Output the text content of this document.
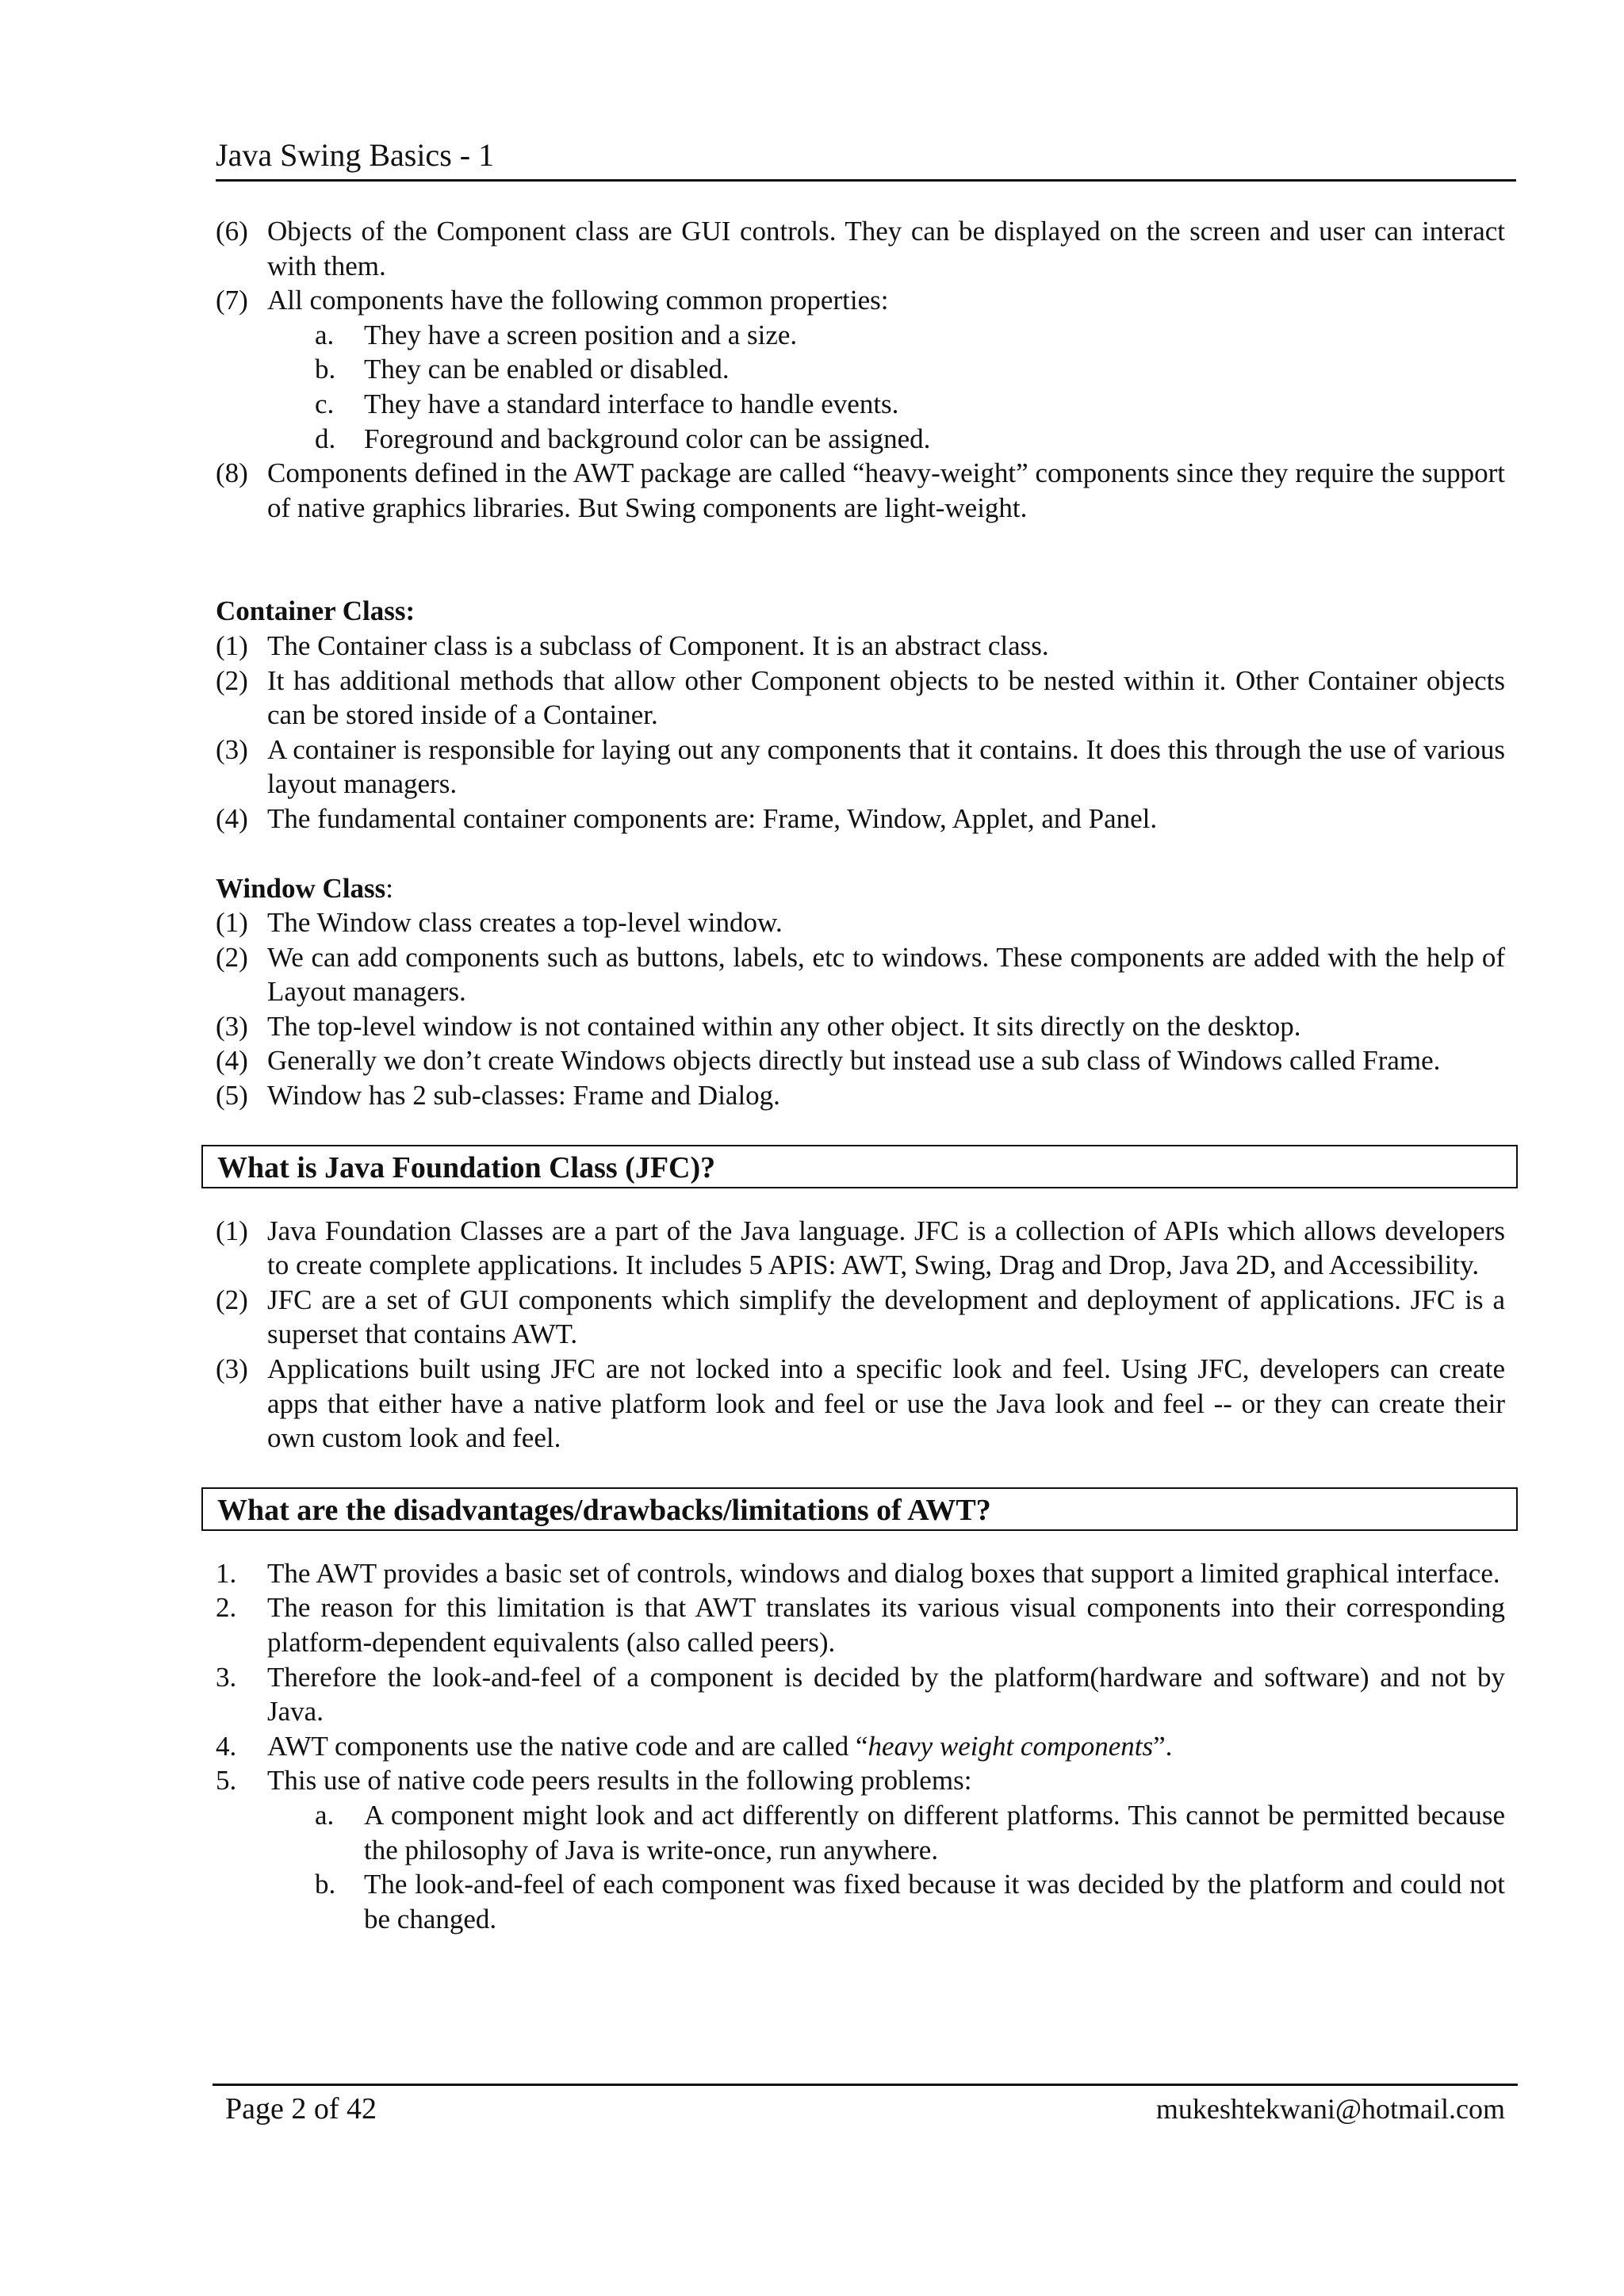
Java Swing Basics - 1
(6) Objects of the Component class are GUI controls. They can be displayed on the screen and user can interact with them.
(7) All components have the following common properties:
a.	They have a screen position and a size.
b.	They can be enabled or disabled.
c.	They have a standard interface to handle events.
d.	Foreground and background color can be assigned.
(8) Components defined in the AWT package are called “heavy-weight” components since they require the support of native graphics libraries. But Swing components are light-weight.
Container Class:
(1) The Container class is a subclass of Component. It is an abstract class.
(2) It has additional methods that allow other Component objects to be nested within it. Other Container objects can be stored inside of a Container.
(3) A container is responsible for laying out any components that it contains. It does this through the use of various layout managers.
(4) The fundamental container components are: Frame, Window, Applet, and Panel.
Window Class:
(1) The Window class creates a top-level window.
(2) We can add components such as buttons, labels, etc to windows. These components are added with the help of Layout managers.
(3) The top-level window is not contained within any other object. It sits directly on the desktop.
(4) Generally we don’t create Windows objects directly but instead use a sub class of Windows called Frame.
(5) Window has 2 sub-classes: Frame and Dialog.
What is Java Foundation Class (JFC)?
(1) Java Foundation Classes are a part of the Java language. JFC is a collection of APIs which allows developers to create complete applications. It includes 5 APIS: AWT, Swing, Drag and Drop, Java 2D, and Accessibility.
(2) JFC are a set of GUI components which simplify the development and deployment of applications. JFC is a superset that contains AWT.
(3) Applications built using JFC are not locked into a specific look and feel. Using JFC, developers can create apps that either have a native platform look and feel or use the Java look and feel -- or they can create their own custom look and feel.
What are the disadvantages/drawbacks/limitations of AWT?
1.	The AWT provides a basic set of controls, windows and dialog boxes that support a limited graphical interface.
2.	The reason for this limitation is that AWT translates its various visual components into their corresponding platform-dependent equivalents (also called peers).
3.	Therefore the look-and-feel of a component is decided by the platform(hardware and software) and not by Java.
4.	AWT components use the native code and are called “heavy weight components”.
5.	This use of native code peers results in the following problems:
a.	A component might look and act differently on different platforms. This cannot be permitted because the philosophy of Java is write-once, run anywhere.
b.	The look-and-feel of each component was fixed because it was decided by the platform and could not be changed.
Page 2 of 42	mukeshtekwani@hotmail.com
